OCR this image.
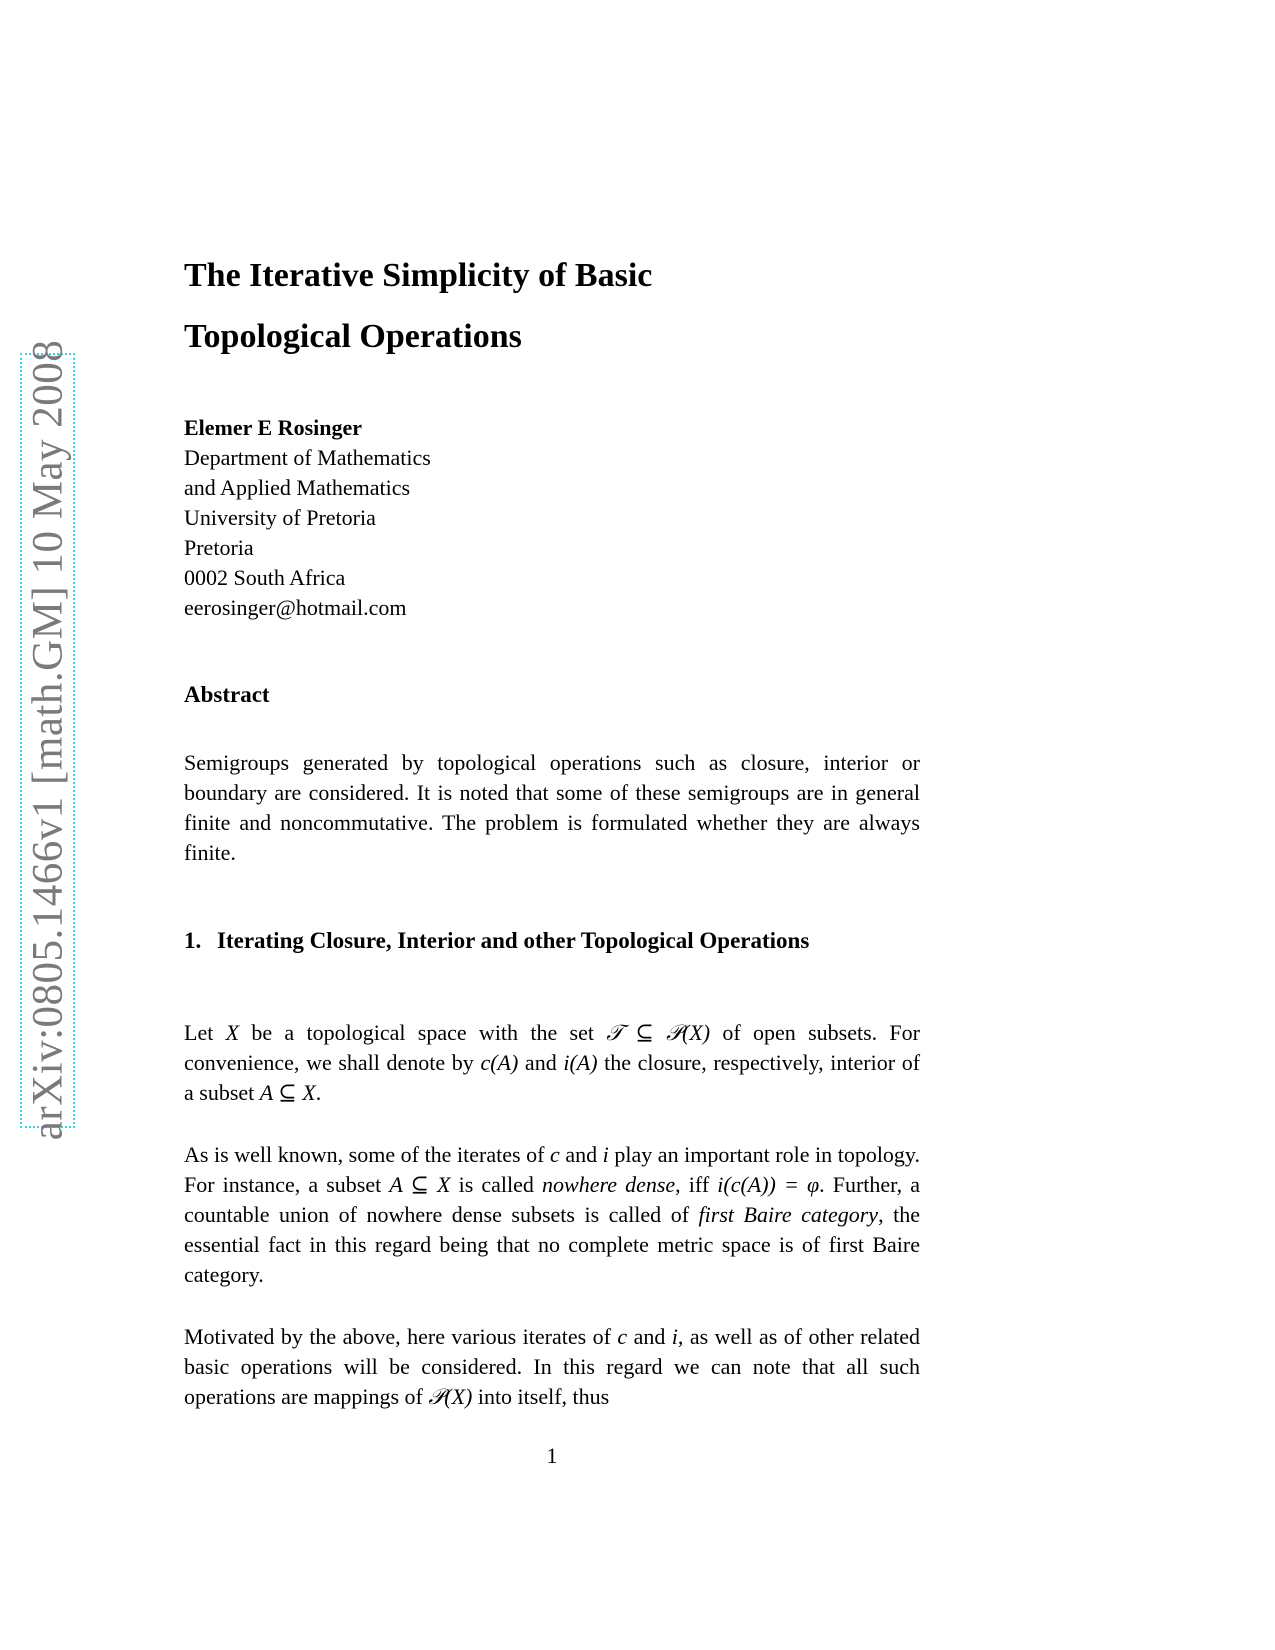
arXiv:0805.1466v1 [math.GM] 10 May 2008
The Iterative Simplicity of Basic
Topological Operations
Elemer E Rosinger
Department of Mathematics
and Applied Mathematics
University of Pretoria
Pretoria
0002 South Africa
eerosinger@hotmail.com
Abstract
Semigroups generated by topological operations such as closure, interior or boundary are considered. It is noted that some of these semigroups are in general finite and noncommutative. The problem is formulated whether they are always finite.
1. Iterating Closure, Interior and other Topological Operations
Let X be a topological space with the set 𝒯 ⊆ 𝒫(X) of open subsets. For convenience, we shall denote by c(A) and i(A) the closure, respectively, interior of a subset A ⊆ X.
As is well known, some of the iterates of c and i play an important role in topology. For instance, a subset A ⊆ X is called nowhere dense, iff i(c(A)) = φ. Further, a countable union of nowhere dense subsets is called of first Baire category, the essential fact in this regard being that no complete metric space is of first Baire category.
Motivated by the above, here various iterates of c and i, as well as of other related basic operations will be considered. In this regard we can note that all such operations are mappings of 𝒫(X) into itself, thus
1
